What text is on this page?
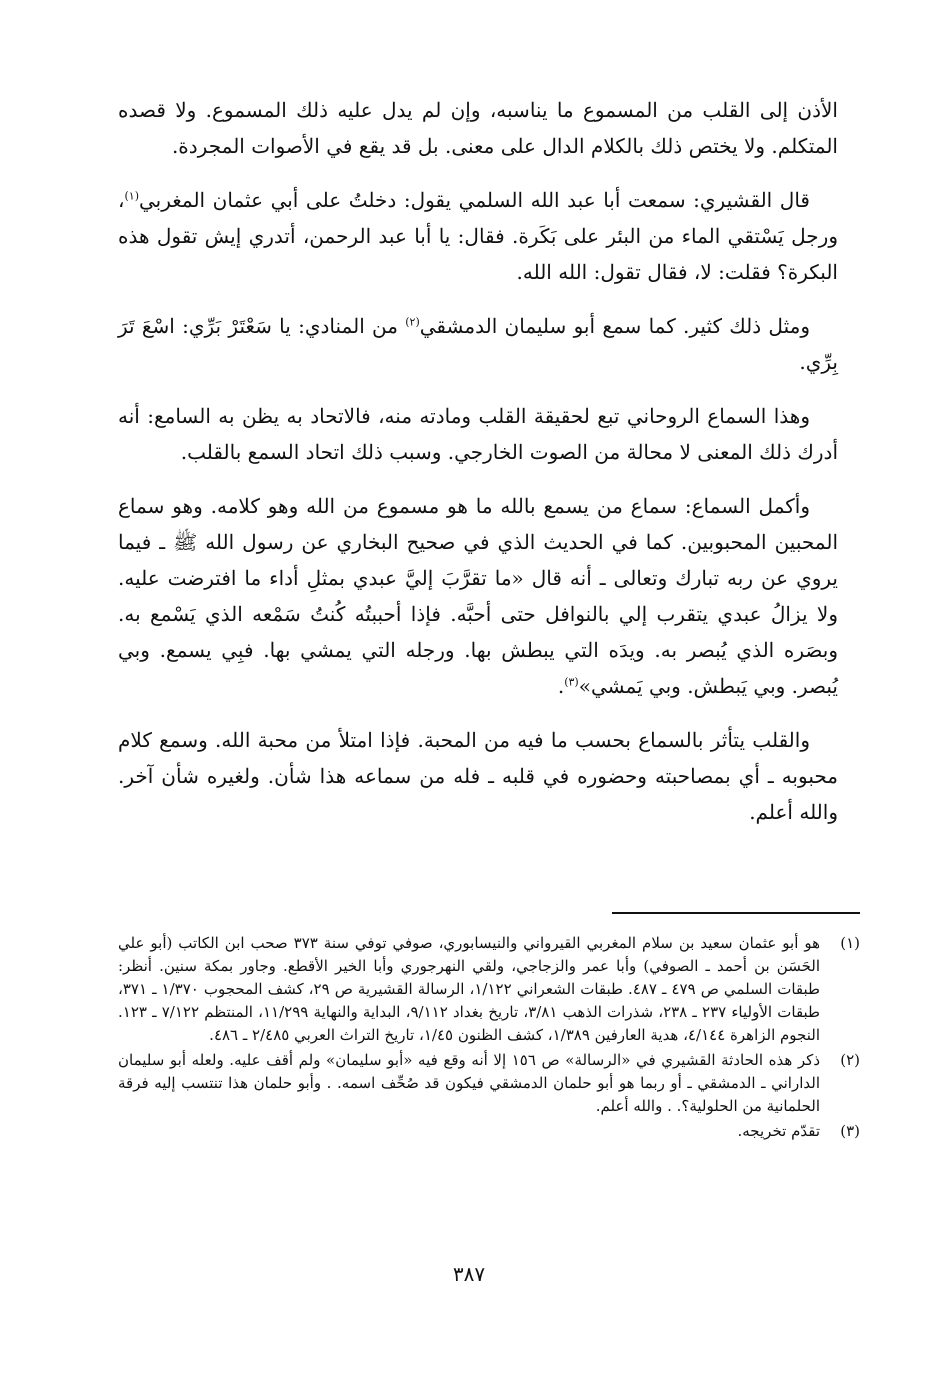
الأذن إلى القلب من المسموع ما يناسبه، وإن لم يدل عليه ذلك المسموع. ولا قصده المتكلم. ولا يختص ذلك بالكلام الدال على معنى. بل قد يقع في الأصوات المجردة.

قال القشيري: سمعت أبا عبد الله السلمي يقول: دخلتُ على أبي عثمان المغربي$^{(١)}$، ورجل يَسْتقي الماء من البئر على بَكَرة. فقال: يا أبا عبد الرحمن، أتدري إيش تقول هذه البكرة؟ فقلت: لا، فقال تقول: الله الله.

ومثل ذلك كثير. كما سمع أبو سليمان الدمشقي$^{(٢)}$ من المنادي: يا سَعْتَرْ بَرِّي: اسْعَ تَرَ بِرِّي.

وهذا السماع الروحاني تبع لحقيقة القلب ومادته منه، فالاتحاد به يظن به السامع: أنه أدرك ذلك المعنى لا محالة من الصوت الخارجي. وسبب ذلك اتحاد السمع بالقلب.

وأكمل السماع: سماع من يسمع بالله ما هو مسموع من الله وهو كلامه. وهو سماع المحبين المحبوبين. كما في الحديث الذي في صحيح البخاري عن رسول الله ﷺ ـ فيما يروي عن ربه تبارك وتعالى ـ أنه قال «ما تقرَّبَ إليَّ عبدي بمثلِ أداء ما افترضت عليه. ولا يزالُ عبدي يتقرب إلي بالنوافل حتى أحبَّه. فإذا أحببتُه كُنتُ سَمْعه الذي يَسْمع به. وبصَره الذي يُبصر به. ويدَه التي يبطش بها. ورجله التي يمشي بها. فبِي يسمع. وبي يُبصر. وبي يَبطش. وبي يَمشي»$^{(٣)}$.

والقلب يتأثر بالسماع بحسب ما فيه من المحبة. فإذا امتلأ من محبة الله. وسمع كلام محبوبه ـ أي بمصاحبته وحضوره في قلبه ـ فله من سماعه هذا شأن. ولغيره شأن آخر. والله أعلم.

(١)
هو أبو عثمان سعيد بن سلام المغربي القيرواني والنيسابوري، صوفي توفي سنة ٣٧٣ صحب ابن الكاتب (أبو علي الحَسَن بن أحمد ـ الصوفي) وأبا عمر والزجاجي، ولقي النهرجوري وأبا الخير الأقطع. وجاور بمكة سنين. أنظر: طبقات السلمي ص ٤٧٩ ـ ٤٨٧. طبقات الشعراني ١/١٢٢، الرسالة القشيرية ص ٢٩، كشف المحجوب ١/٣٧٠ ـ ٣٧١، طبقات الأولياء ٢٣٧ ـ ٢٣٨، شذرات الذهب ٣/٨١، تاريخ بغداد ٩/١١٢، البداية والنهاية ١١/٢٩٩، المنتظم ٧/١٢٢ ـ ١٢٣. النجوم الزاهرة ٤/١٤٤، هدية العارفين ١/٣٨٩، كشف الظنون ١/٤٥، تاريخ التراث العربي ٢/٤٨٥ ـ ٤٨٦.
(٢)
ذكر هذه الحادثة القشيري في «الرسالة» ص ١٥٦ إلا أنه وقع فيه «أبو سليمان» ولم أقف عليه. ولعله أبو سليمان الداراني ـ الدمشقي ـ أو ربما هو أبو حلمان الدمشقي فيكون قد صُحِّف اسمه. . وأبو حلمان هذا تنتسب إليه فرقة الحلمانية من الحلولية؟. . والله أعلم.
(٣)
تقدّم تخريجه.
٣٨٧
